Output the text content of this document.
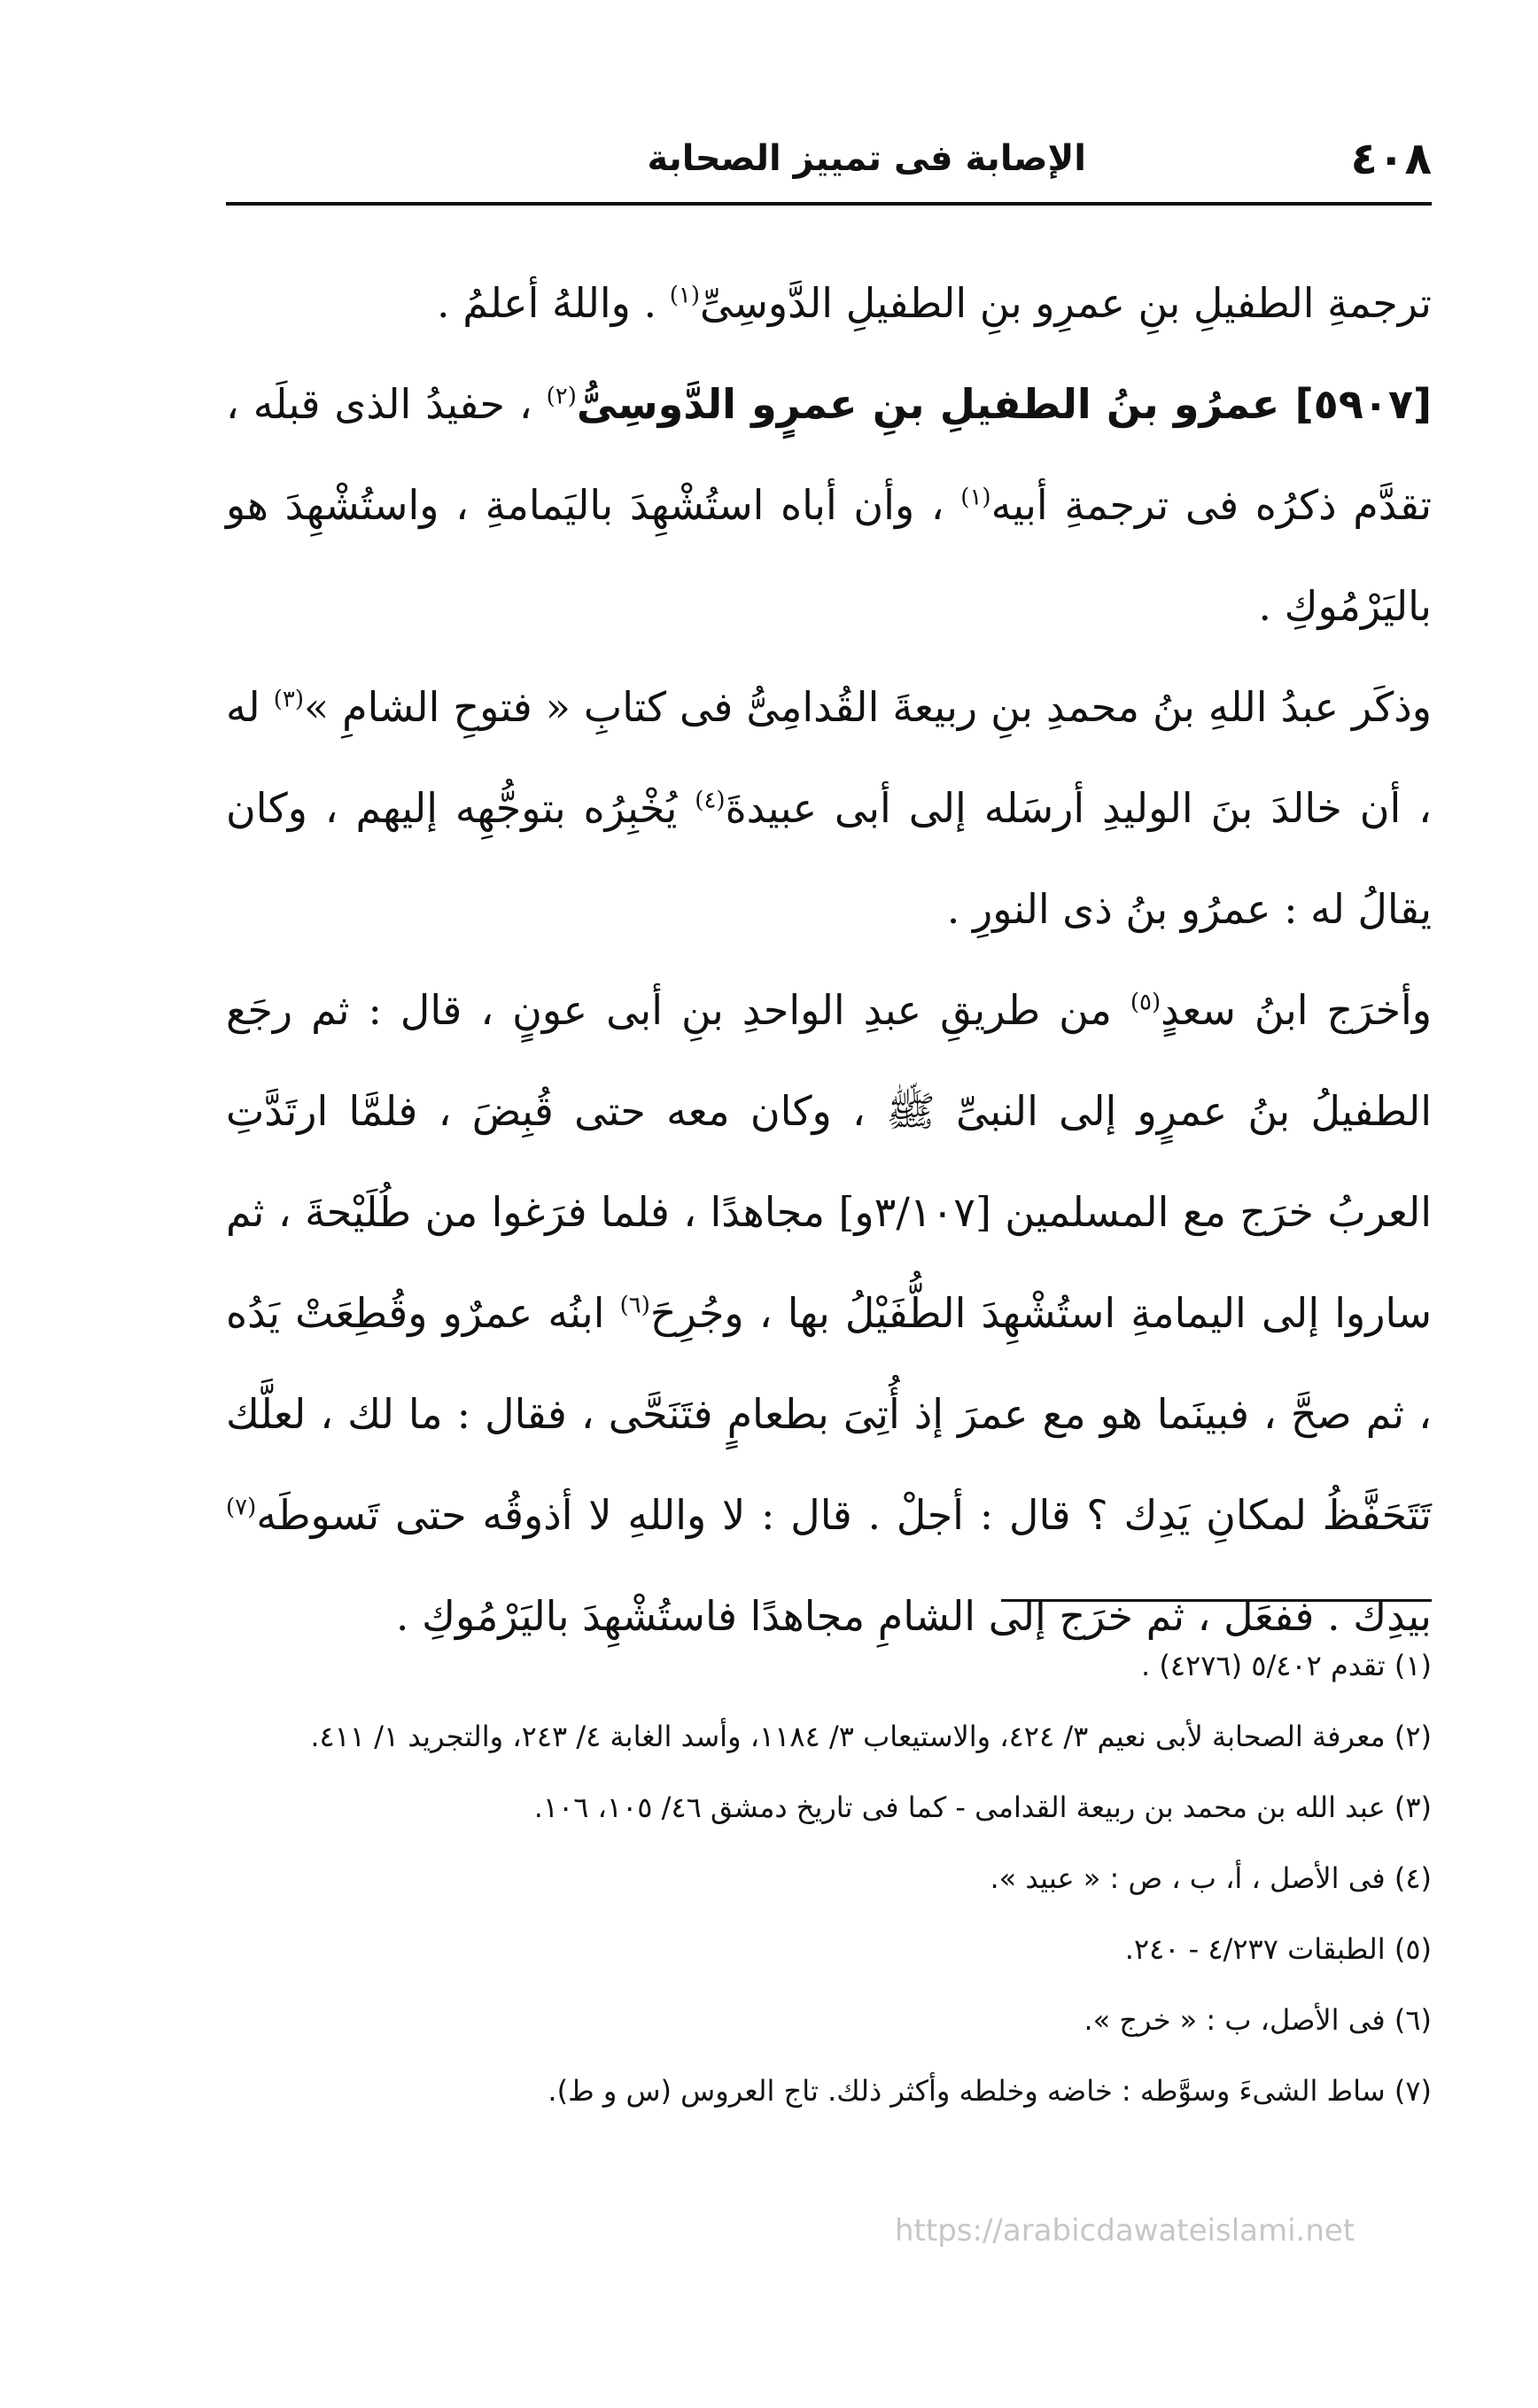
٤٠٨
الإصابة فى تمييز الصحابة

ترجمةِ الطفيلِ بنِ عمرِو بنِ الطفيلِ الدَّوسِىِّ$^{(١)}$ . واللهُ أعلمُ .

[٥٩٠٧] عمرُو بنُ الطفيلِ بنِ عمرٍو الدَّوسِىُّ$^{(٢)}$ ، حفيدُ الذى قبلَه ، تقدَّم ذكرُه فى ترجمةِ أبيه$^{(١)}$ ، وأن أباه استُشْهِدَ باليَمامةِ ، واستُشْهِدَ هو باليَرْمُوكِ .

وذكَر عبدُ اللهِ بنُ محمدِ بنِ ربيعةَ القُدامِىُّ فى كتابِ « فتوحِ الشامِ »$^{(٣)}$ له ، أن خالدَ بنَ الوليدِ أرسَله إلى أبى عبيدةَ$^{(٤)}$ يُخْبِرُه بتوجُّهِه إليهم ، وكان يقالُ له : عمرُو بنُ ذى النورِ .

وأخرَج ابنُ سعدٍ$^{(٥)}$ من طريقِ عبدِ الواحدِ بنِ أبى عونٍ ، قال : ثم رجَع الطفيلُ بنُ عمرٍو إلى النبىِّ ﷺ ، وكان معه حتى قُبِضَ ، فلمَّا ارتَدَّتِ العربُ خرَج مع المسلمين [٣/١٠٧و] مجاهدًا ، فلما فرَغوا من طُلَيْحةَ ، ثم ساروا إلى اليمامةِ استُشْهِدَ الطُّفَيْلُ بها ، وجُرِحَ$^{(٦)}$ ابنُه عمرٌو وقُطِعَتْ يَدُه ، ثم صحَّ ، فبينَما هو مع عمرَ إذ أُتِىَ بطعامٍ فتَنَحَّى ، فقال : ما لك ، لعلَّك تَتَحَفَّظُ لمكانِ يَدِك ؟ قال : أجلْ . قال : لا واللهِ لا أذوقُه حتى تَسوطَه$^{(٧)}$ بيدِك . ففعَل ، ثم خرَج إلى الشامِ مجاهدًا فاستُشْهِدَ باليَرْمُوكِ .

(١) تقدم ٥/٤٠٢ (٤٢٧٦) .

(٢) معرفة الصحابة لأبى نعيم ٣/ ٤٢٤، والاستيعاب ٣/ ١١٨٤، وأسد الغابة ٤/ ٢٤٣، والتجريد ١/ ٤١١.

(٣) عبد الله بن محمد بن ربيعة القدامى - كما فى تاريخ دمشق ٤٦/ ١٠٥، ١٠٦.

(٤) فى الأصل ، أ، ب ، ص : « عبيد ».

(٥) الطبقات ٤/٢٣٧ - ٢٤٠.

(٦) فى الأصل، ب : « خرج ».

(٧) ساط الشىءَ وسوَّطه : خاضه وخلطه وأكثر ذلك. تاج العروس (س و ط).

https://arabicdawateislami.net
